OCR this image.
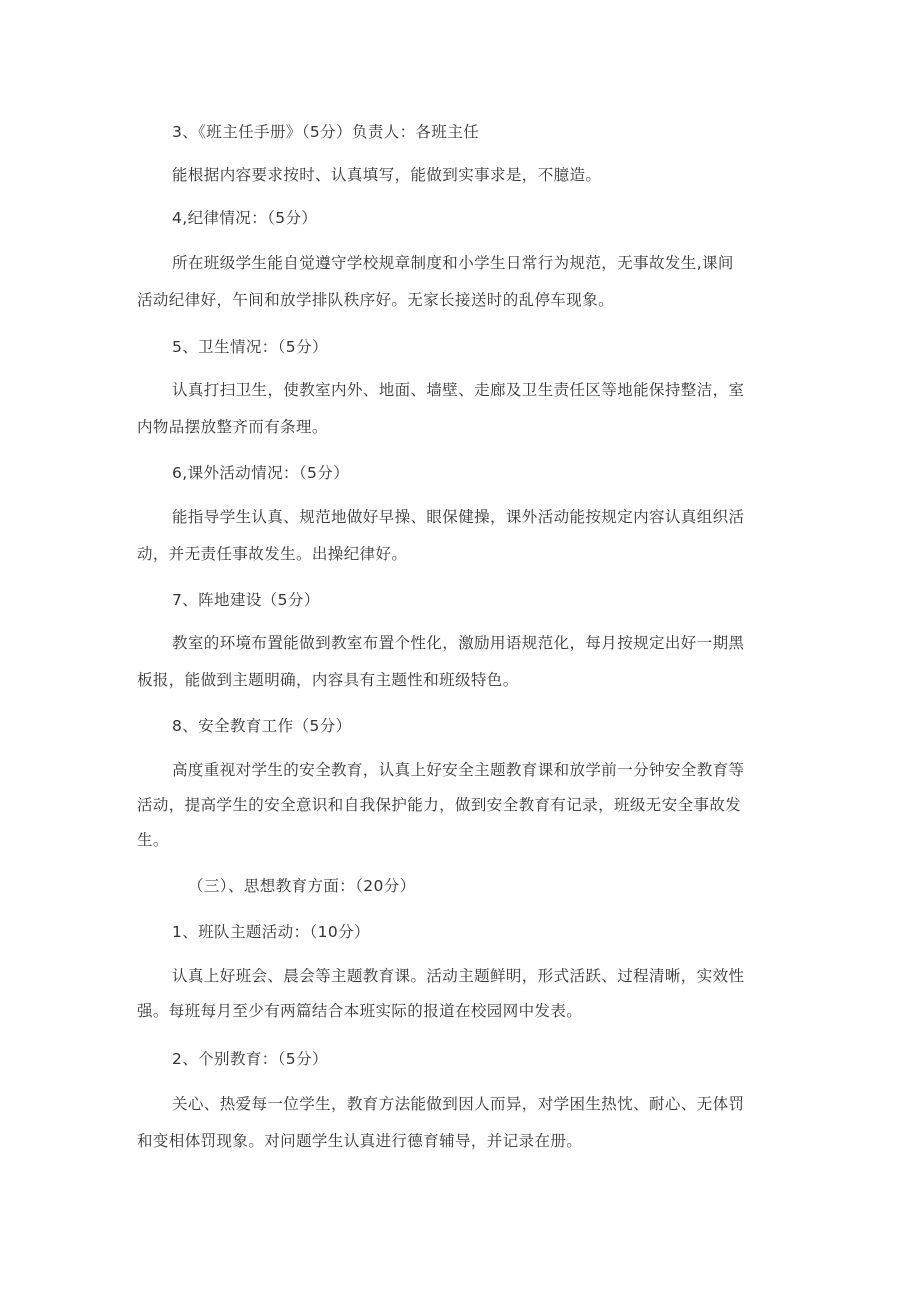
3、《班主任手册》（5分）负责人：各班主任
能根据内容要求按时、认真填写，能做到实事求是，不臆造。
4,纪律情况：（5分）
所在班级学生能自觉遵守学校规章制度和小学生日常行为规范，无事故发生,课间
活动纪律好，午间和放学排队秩序好。无家长接送时的乱停车现象。
5、卫生情况：（5分）
认真打扫卫生，使教室内外、地面、墙壁、走廊及卫生责任区等地能保持整洁，室
内物品摆放整齐而有条理。
6,课外活动情况：（5分）
能指导学生认真、规范地做好早操、眼保健操，课外活动能按规定内容认真组织活
动，并无责任事故发生。出操纪律好。
7、阵地建设（5分）
教室的环境布置能做到教室布置个性化，激励用语规范化，每月按规定出好一期黑
板报，能做到主题明确，内容具有主题性和班级特色。
8、安全教育工作（5分）
高度重视对学生的安全教育，认真上好安全主题教育课和放学前一分钟安全教育等
活动，提高学生的安全意识和自我保护能力，做到安全教育有记录，班级无安全事故发
生。
（三）、思想教育方面：（20分）
1、班队主题活动：（10分）
认真上好班会、晨会等主题教育课。活动主题鲜明，形式活跃、过程清晰，实效性
强。每班每月至少有两篇结合本班实际的报道在校园网中发表。
2、个别教育：（5分）
关心、热爱每一位学生，教育方法能做到因人而异，对学困生热忱、耐心、无体罚
和变相体罚现象。对问题学生认真进行德育辅导，并记录在册。
